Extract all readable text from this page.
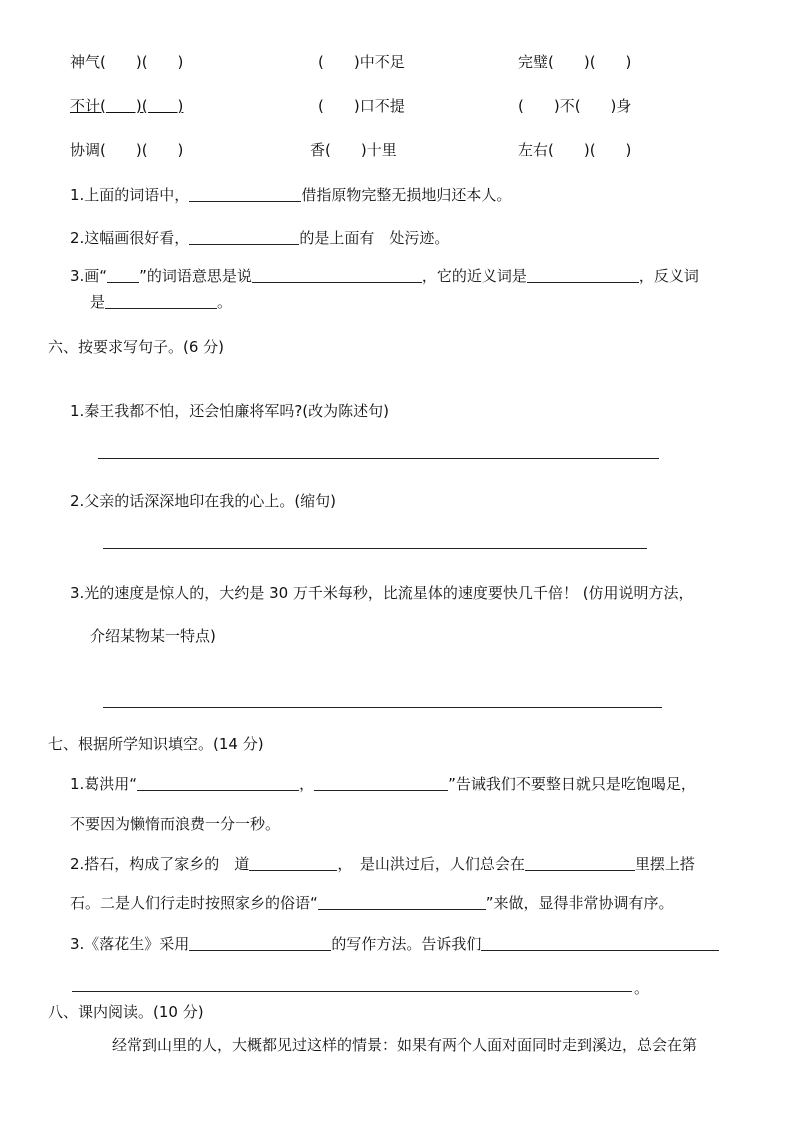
神气(　　)(　　)	(　　)中不足	完璧(　　)(　　)
不计(　　)(　　)	(　　)口不提	(　　)不(　　)身
协调(　　)(　　)	香(　　)十里	左右(　　)(　　)
1.上面的词语中，	借指原物完整无损地归还本人。
2.这幅画很好看，	的是上面有　处污迹。
3.画“ ”的词语意思是说	，它的近义词是	，反义词
是	。
六、按要求写句子。(6 分)
1.秦王我都不怕，还会怕廉将军吗?(改为陈述句)
2.父亲的话深深地印在我的心上。(缩句)
3.光的速度是惊人的，大约是 30 万千米每秒，比流星体的速度要快几千倍！ (仿用说明方法，
介绍某物某一特点)
七、根据所学知识填空。(14 分)
1.葛洪用“	，	”告诫我们不要整日就只是吃饱喝足，
不要因为懒惰而浪费一分一秒。
2.搭石，构成了家乡的　道	，　是山洪过后，人们总会在	里摆上搭
石。二是人们行走时按照家乡的俗语“	”来做，显得非常协调有序。
3.《落花生》采用	的写作方法。告诉我们
。
八、课内阅读。(10 分)
经常到山里的人，大概都见过这样的情景：如果有两个人面对面同时走到溪边，总会在第
